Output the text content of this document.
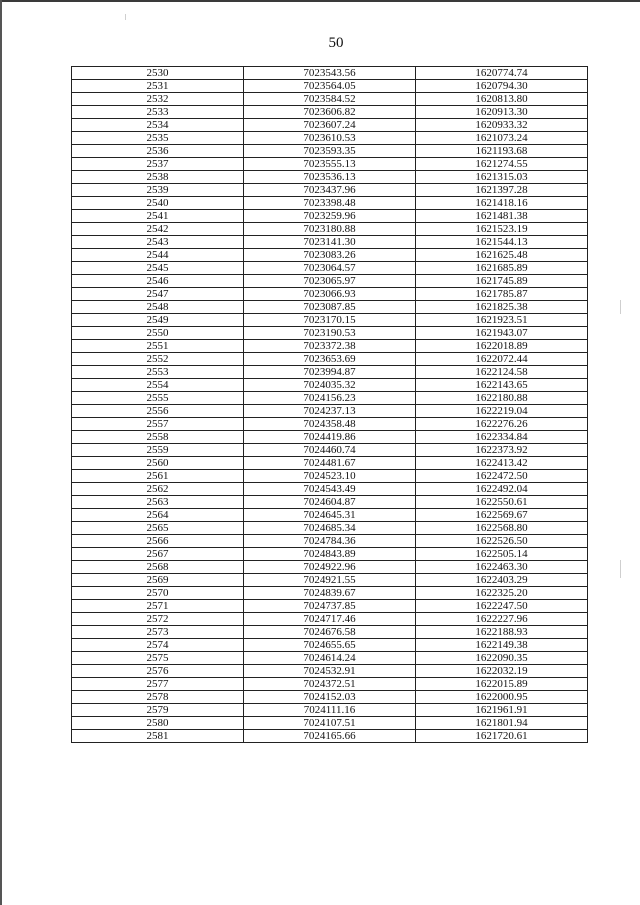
50
2530	7023543.56	1620774.74
2531	7023564.05	1620794.30
2532	7023584.52	1620813.80
2533	7023606.82	1620913.30
2534	7023607.24	1620933.32
2535	7023610.53	1621073.24
2536	7023593.35	1621193.68
2537	7023555.13	1621274.55
2538	7023536.13	1621315.03
2539	7023437.96	1621397.28
2540	7023398.48	1621418.16
2541	7023259.96	1621481.38
2542	7023180.88	1621523.19
2543	7023141.30	1621544.13
2544	7023083.26	1621625.48
2545	7023064.57	1621685.89
2546	7023065.97	1621745.89
2547	7023066.93	1621785.87
2548	7023087.85	1621825.38
2549	7023170.15	1621923.51
2550	7023190.53	1621943.07
2551	7023372.38	1622018.89
2552	7023653.69	1622072.44
2553	7023994.87	1622124.58
2554	7024035.32	1622143.65
2555	7024156.23	1622180.88
2556	7024237.13	1622219.04
2557	7024358.48	1622276.26
2558	7024419.86	1622334.84
2559	7024460.74	1622373.92
2560	7024481.67	1622413.42
2561	7024523.10	1622472.50
2562	7024543.49	1622492.04
2563	7024604.87	1622550.61
2564	7024645.31	1622569.67
2565	7024685.34	1622568.80
2566	7024784.36	1622526.50
2567	7024843.89	1622505.14
2568	7024922.96	1622463.30
2569	7024921.55	1622403.29
2570	7024839.67	1622325.20
2571	7024737.85	1622247.50
2572	7024717.46	1622227.96
2573	7024676.58	1622188.93
2574	7024655.65	1622149.38
2575	7024614.24	1622090.35
2576	7024532.91	1622032.19
2577	7024372.51	1622015.89
2578	7024152.03	1622000.95
2579	7024111.16	1621961.91
2580	7024107.51	1621801.94
2581	7024165.66	1621720.61
